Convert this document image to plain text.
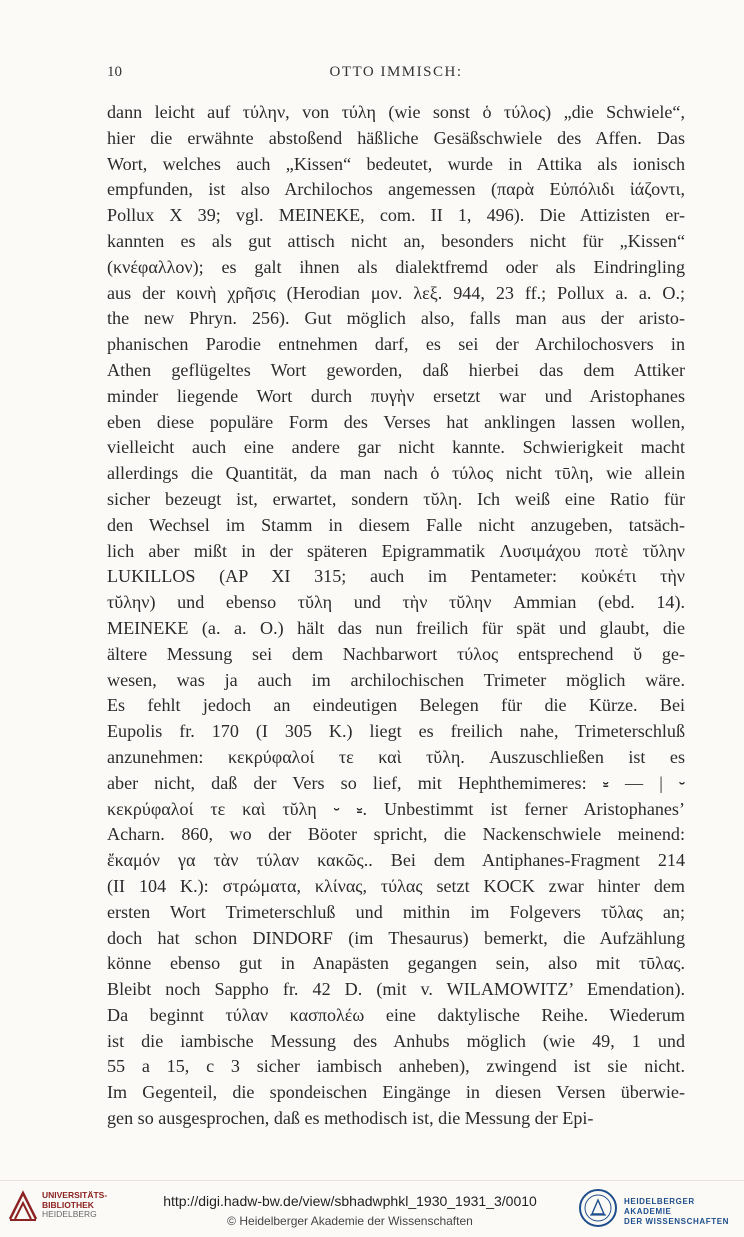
10	OTTO IMMISCH:
dann leicht auf τύλην, von τύλη (wie sonst ὁ τύλος) „die Schwiele“,
hier die erwähnte abstoßend häßliche Gesäßschwiele des Affen. Das
Wort, welches auch „Kissen“ bedeutet, wurde in Attika als ionisch
empfunden, ist also Archilochos angemessen (παρὰ Εὐπόλιδι ἰάζοντι,
Pollux X 39; vgl. MEINEKE, com. II 1, 496). Die Attizisten er-
kannten es als gut attisch nicht an, besonders nicht für „Kissen“
(κνέφαλλον); es galt ihnen als dialektfremd oder als Eindringling
aus der κοινὴ χρῆσις (Herodian μον. λεξ. 944, 23 ff.; Pollux a. a. O.;
the new Phryn. 256). Gut möglich also, falls man aus der aristo-
phanischen Parodie entnehmen darf, es sei der Archilochosvers in
Athen geflügeltes Wort geworden, daß hierbei das dem Attiker
minder liegende Wort durch πυγὴν ersetzt war und Aristophanes
eben diese populäre Form des Verses hat anklingen lassen wollen,
vielleicht auch eine andere gar nicht kannte. Schwierigkeit macht
allerdings die Quantität, da man nach ὁ τύλος nicht τῡλη, wie allein
sicher bezeugt ist, erwartet, sondern τῠλη. Ich weiß eine Ratio für
den Wechsel im Stamm in diesem Falle nicht anzugeben, tatsäch-
lich aber mißt in der späteren Epigrammatik Λυσιμάχου ποτὲ τῠλην
LUKILLOS (AP XI 315; auch im Pentameter: κοὐκέτι τὴν
τῠλην) und ebenso τῠλη und τὴν τῠλην Ammian (ebd. 14).
MEINEKE (a. a. O.) hält das nun freilich für spät und glaubt, die
ältere Messung sei dem Nachbarwort τύλος entsprechend ῠ ge-
wesen, was ja auch im archilochischen Trimeter möglich wäre.
Es fehlt jedoch an eindeutigen Belegen für die Kürze. Bei
Eupolis fr. 170 (I 305 K.) liegt es freilich nahe, Trimeterschluß
anzunehmen: κεκρύφαλοί τε καὶ τῠλη. Auszuschließen ist es
aber nicht, daß der Vers so lief, mit Hephthemimeres: ⏓ — | ⏑
κεκρύφαλοί τε καὶ τῠλη ⏑ ⏓. Unbestimmt ist ferner Aristophanes’
Acharn. 860, wo der Böoter spricht, die Nackenschwiele meinend:
ἔκαμόν γα τὰν τύλαν κακῶς.. Bei dem Antiphanes-Fragment 214
(II 104 K.): στρώματα, κλίνας, τύλας setzt KOCK zwar hinter dem
ersten Wort Trimeterschluß und mithin im Folgevers τῠλας an;
doch hat schon DINDORF (im Thesaurus) bemerkt, die Aufzählung
könne ebenso gut in Anapästen gegangen sein, also mit τῡλας.
Bleibt noch Sappho fr. 42 D. (mit v. WILAMOWITZ’ Emendation).
Da beginnt τύλαν κασπολέω eine daktylische Reihe. Wiederum
ist die iambische Messung des Anhubs möglich (wie 49, 1 und
55 a 15, c 3 sicher iambisch anheben), zwingend ist sie nicht.
Im Gegenteil, die spondeischen Eingänge in diesen Versen überwie-
gen so ausgesprochen, daß es methodisch ist, die Messung der Epi-
UNIVERSITÄTS-
BIBLIOTHEK
HEIDELBERG
http://digi.hadw-bw.de/view/sbhadwphkl_1930_1931_3/0010
© Heidelberger Akademie der Wissenschaften
HEIDELBERGER AKADEMIE
DER WISSENSCHAFTEN
